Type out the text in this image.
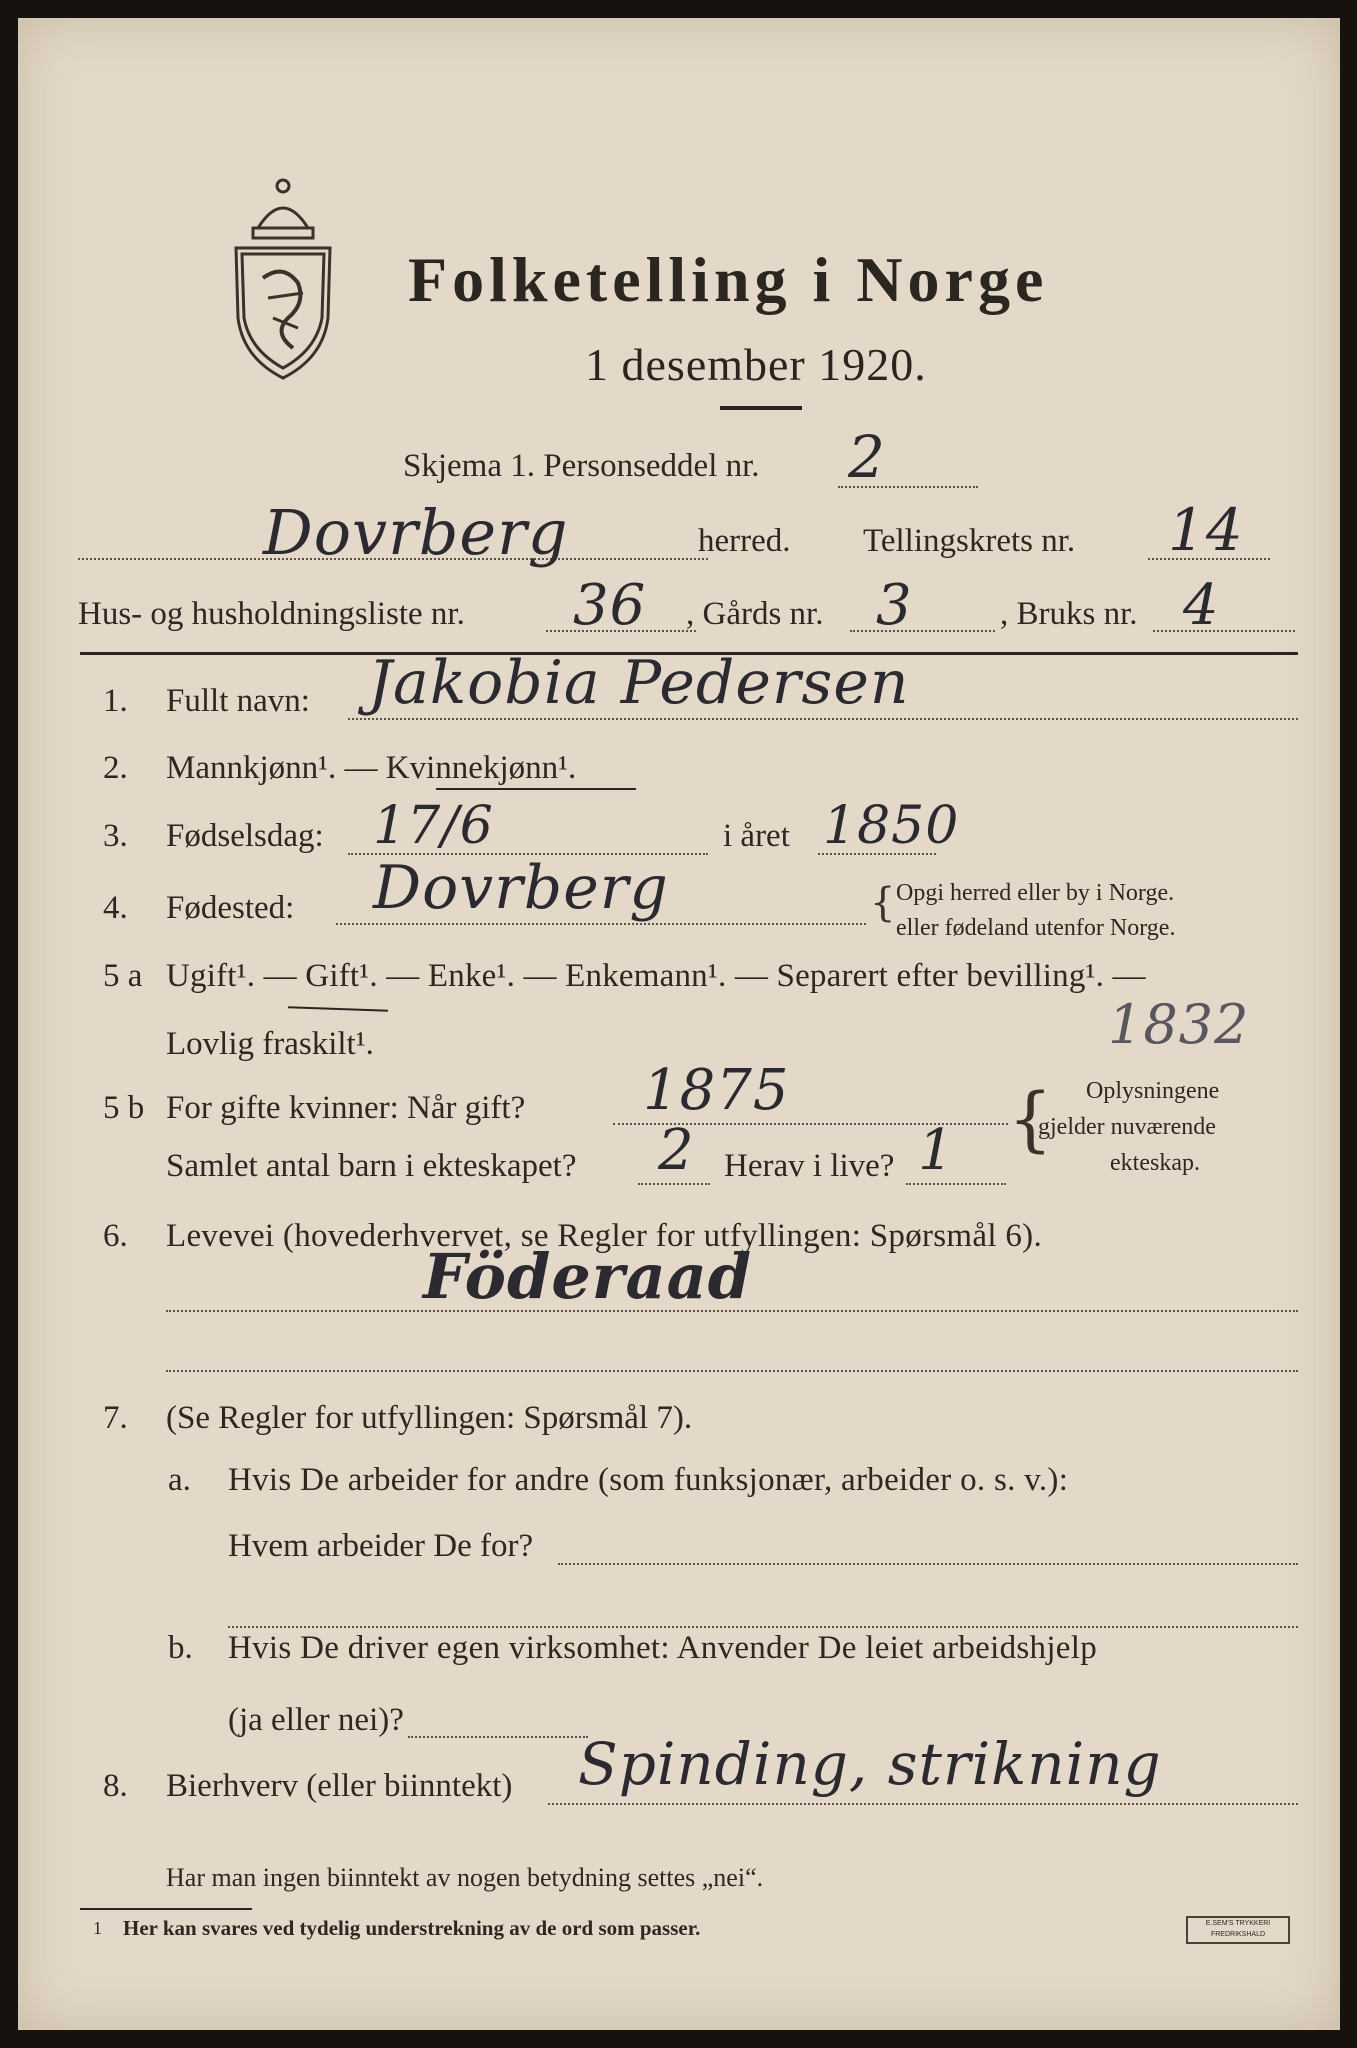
Folketelling i Norge
1 desember 1920.
Skjema 1. Personseddel nr. 2
Dovrberg	herred. Tellingskrets nr. 14
Hus- og husholdningsliste nr. 36 , Gårds nr. 3	, Bruks nr. 4
1. Fullt navn: Jakobia Pedersen
2. Mannkjønn¹. — Kvinnekjønn¹.
3. Fødselsdag: 17/6	i året 1850
4. Fødested: Dovrberg	{ Opgi herred eller by i Norge.
eller fødeland utenfor Norge.
5 a Ugift¹. — Gift¹. — Enke¹. — Enkemann¹. — Separert efter bevilling¹. —
Lovlig fraskilt¹.	1832
5 b For gifte kvinner: Når gift? 1875	{ Oplysningene
gjelder nuværende
ekteskap.
Samlet antal barn i ekteskapet? 2 Herav i live? 1
6. Levevei (hovederhvervet, se Regler for utfyllingen: Spørsmål 6).
Föderaad
7. (Se Regler for utfyllingen: Spørsmål 7).
a. Hvis De arbeider for andre (som funksjonær, arbeider o. s. v.):
Hvem arbeider De for?
b. Hvis De driver egen virksomhet: Anvender De leiet arbeidshjelp
(ja eller nei)?
8. Bierhverv (eller biinntekt) Spinding, strikning
Har man ingen biinntekt av nogen betydning settes „nei“.
1 Her kan svares ved tydelig understrekning av de ord som passer.	E.SEM'S TRYKKERI FREDRIKSHALD
